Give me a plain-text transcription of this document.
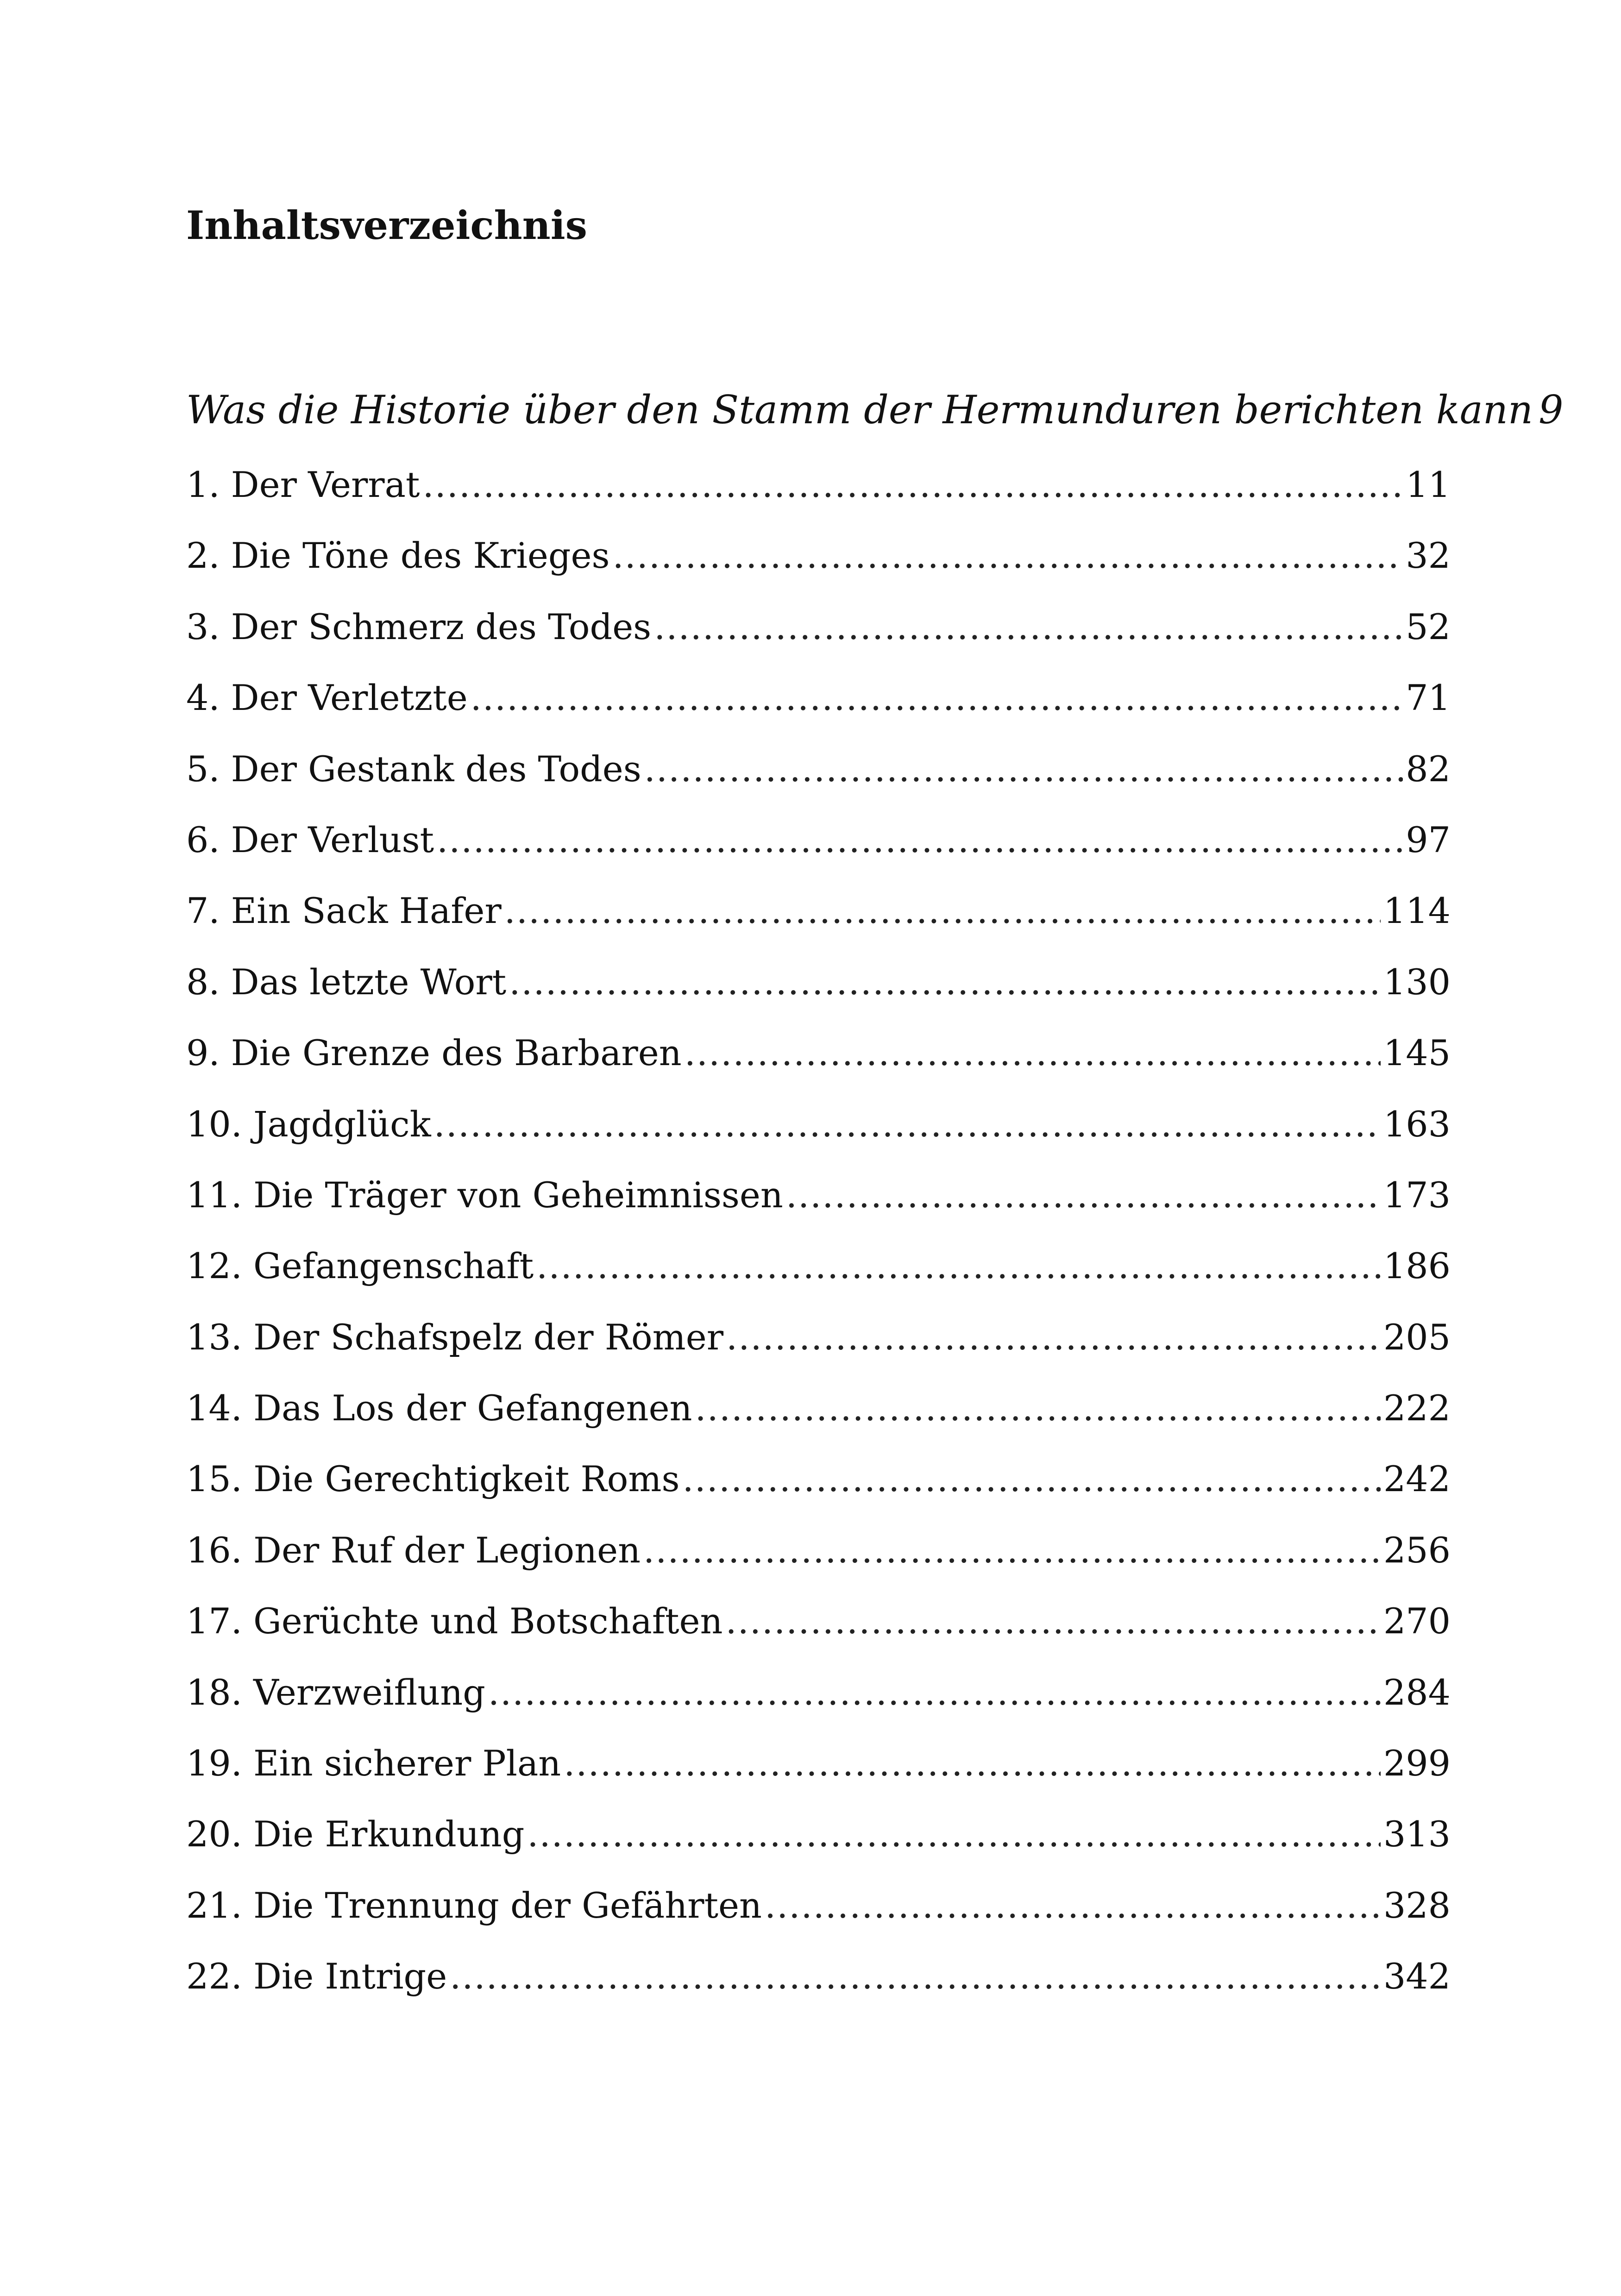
Inhaltsverzeichnis
Was die Historie über den Stamm der Hermunduren berichten kann 9
1. Der Verrat .....	11
2. Die Töne des Krieges .....	32
3. Der Schmerz des Todes .....	52
4. Der Verletzte .....	71
5. Der Gestank des Todes .....	82
6. Der Verlust .....	97
7. Ein Sack Hafer .....	114
8. Das letzte Wort .....	130
9. Die Grenze des Barbaren .....	145
10. Jagdglück .....	163
11. Die Träger von Geheimnissen .....	173
12. Gefangenschaft .....	186
13. Der Schafspelz der Römer .....	205
14. Das Los der Gefangenen .....	222
15. Die Gerechtigkeit Roms .....	242
16. Der Ruf der Legionen .....	256
17. Gerüchte und Botschaften .....	270
18. Verzweiflung .....	284
19. Ein sicherer Plan .....	299
20. Die Erkundung .....	313
21. Die Trennung der Gefährten .....	328
22. Die Intrige .....	342
